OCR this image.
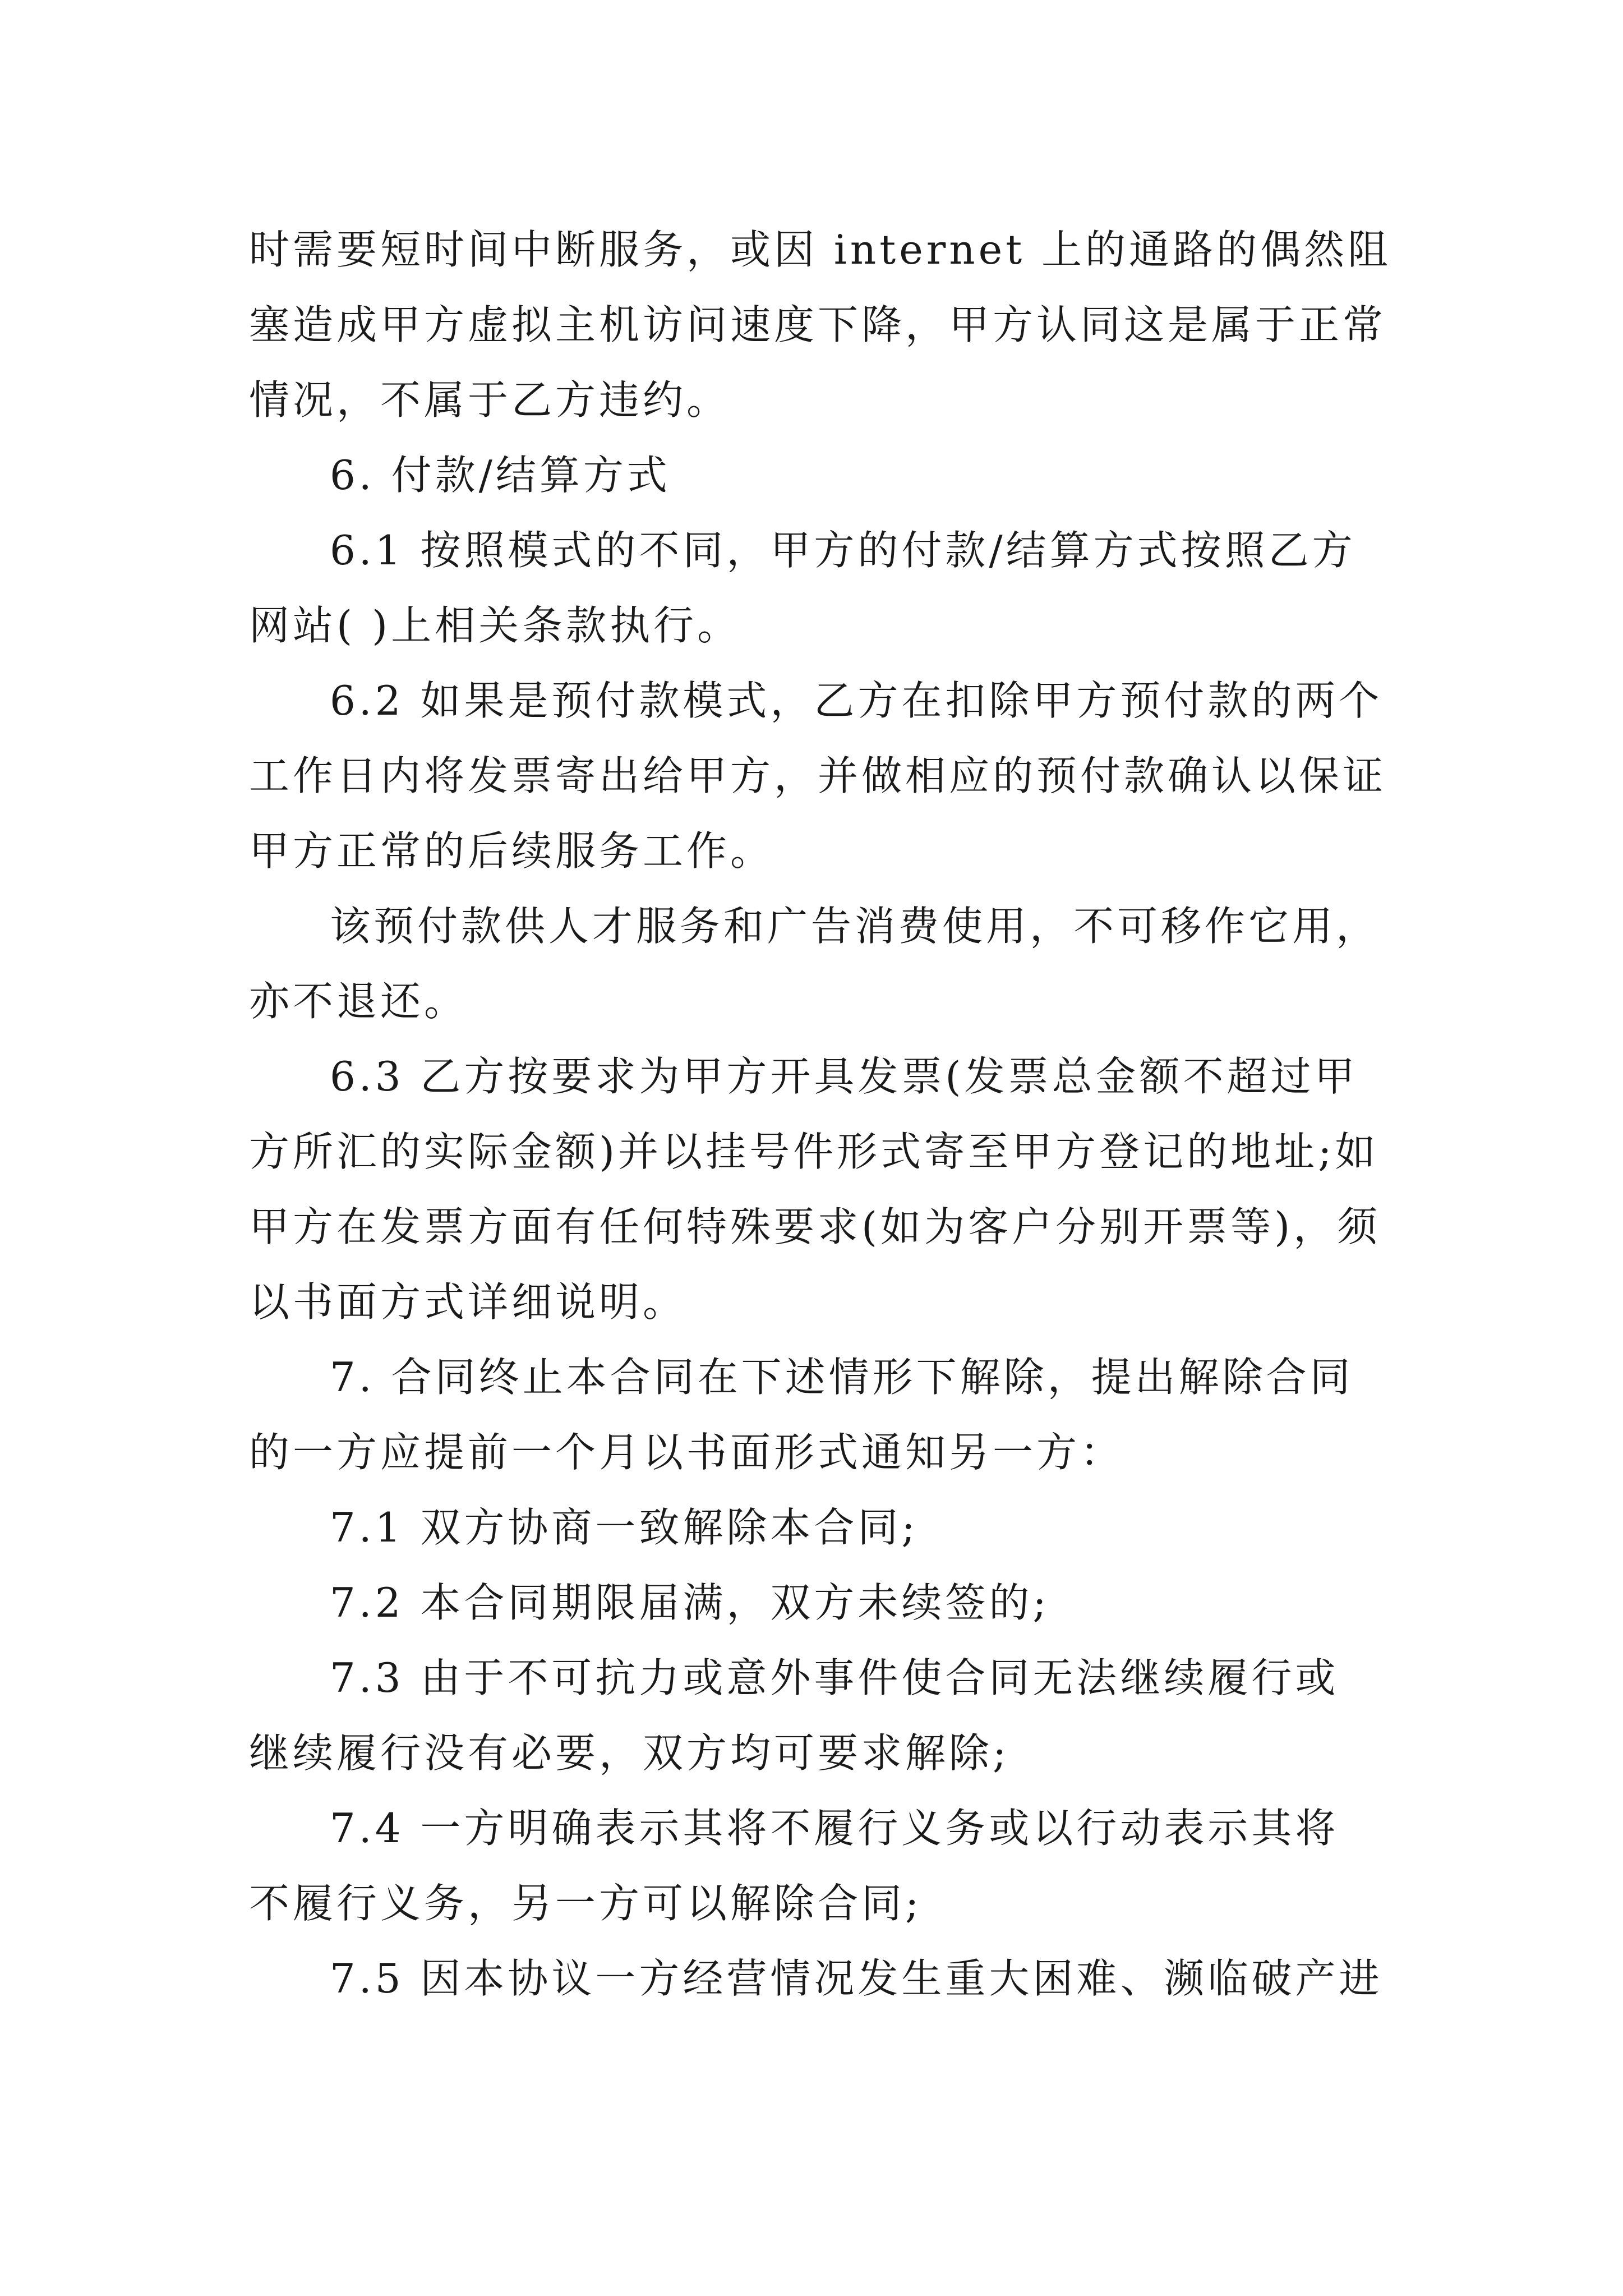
时需要短时间中断服务，或因 internet 上的通路的偶然阻

塞造成甲方虚拟主机访问速度下降，甲方认同这是属于正常

情况，不属于乙方违约。

6. 付款/结算方式

6.1 按照模式的不同，甲方的付款/结算方式按照乙方

网站( )上相关条款执行。

6.2 如果是预付款模式，乙方在扣除甲方预付款的两个

工作日内将发票寄出给甲方，并做相应的预付款确认以保证

甲方正常的后续服务工作。

该预付款供人才服务和广告消费使用，不可移作它用，

亦不退还。

6.3 乙方按要求为甲方开具发票(发票总金额不超过甲

方所汇的实际金额)并以挂号件形式寄至甲方登记的地址;如

甲方在发票方面有任何特殊要求(如为客户分别开票等)，须

以书面方式详细说明。

7. 合同终止本合同在下述情形下解除，提出解除合同

的一方应提前一个月以书面形式通知另一方：

7.1 双方协商一致解除本合同;

7.2 本合同期限届满，双方未续签的;

7.3 由于不可抗力或意外事件使合同无法继续履行或

继续履行没有必要，双方均可要求解除;

7.4 一方明确表示其将不履行义务或以行动表示其将

不履行义务，另一方可以解除合同;

7.5 因本协议一方经营情况发生重大困难、濒临破产进
